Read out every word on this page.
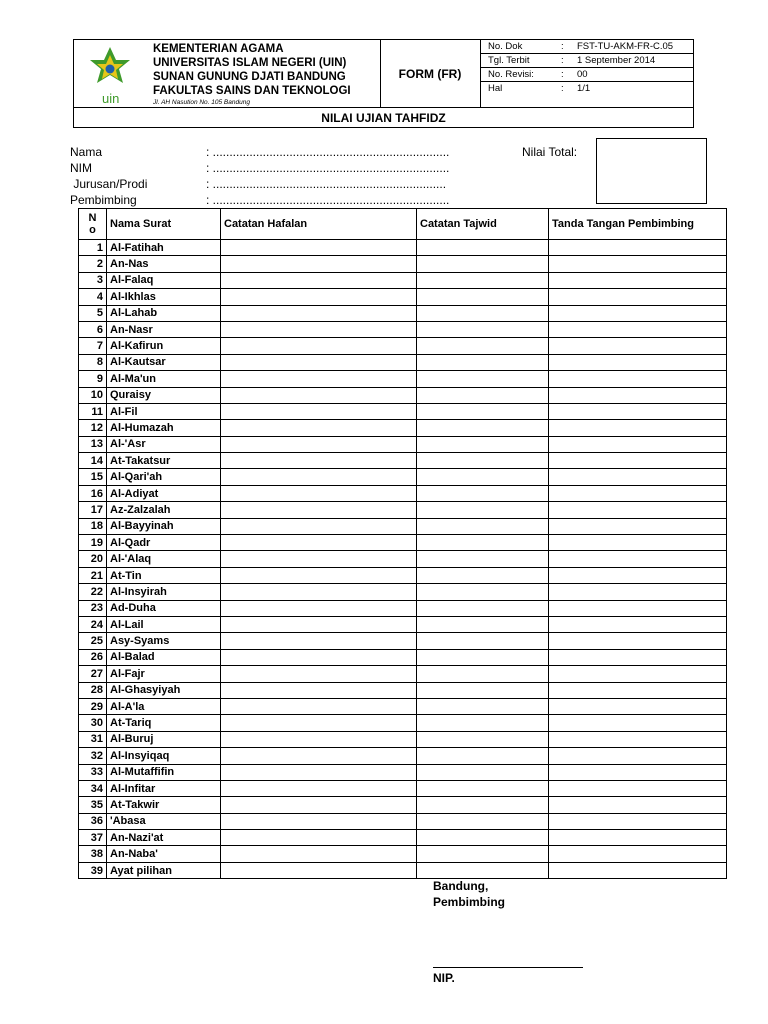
uin
KEMENTERIAN AGAMA
UNIVERSITAS ISLAM NEGERI (UIN)
SUNAN GUNUNG DJATI BANDUNG
FAKULTAS SAINS DAN TEKNOLOGI
Jl. AH Nasution No. 105 Bandung
FORM (FR)
No. Dok	: FST-TU-AKM-FR-C.05
Tgl. Terbit	: 1 September 2014
No. Revisi:	: 00
Hal	: 1/1
NILAI UJIAN TAHFIDZ
Nama	: .......................................................................
NIM	: .......................................................................
Jurusan/Prodi	: ......................................................................
Pembimbing	: .......................................................................
Nilai Total:
N
o	Nama Surat	Catatan Hafalan	Catatan Tajwid	Tanda Tangan Pembimbing
1	Al-Fatihah			
2	An-Nas			
3	Al-Falaq			
4	Al-Ikhlas			
5	Al-Lahab			
6	An-Nasr			
7	Al-Kafirun			
8	Al-Kautsar			
9	Al-Ma'un			
10	Quraisy			
11	Al-Fil			
12	Al-Humazah			
13	Al-'Asr			
14	At-Takatsur			
15	Al-Qari'ah			
16	Al-Adiyat			
17	Az-Zalzalah			
18	Al-Bayyinah			
19	Al-Qadr			
20	Al-'Alaq			
21	At-Tin			
22	Al-Insyirah			
23	Ad-Duha			
24	Al-Lail			
25	Asy-Syams			
26	Al-Balad			
27	Al-Fajr			
28	Al-Ghasyiyah			
29	Al-A'la			
30	At-Tariq			
31	Al-Buruj			
32	Al-Insyiqaq			
33	Al-Mutaffifin			
34	Al-Infitar			
35	At-Takwir			
36	'Abasa			
37	An-Nazi'at			
38	An-Naba'			
39	Ayat pilihan			
Bandung,
Pembimbing
NIP.
